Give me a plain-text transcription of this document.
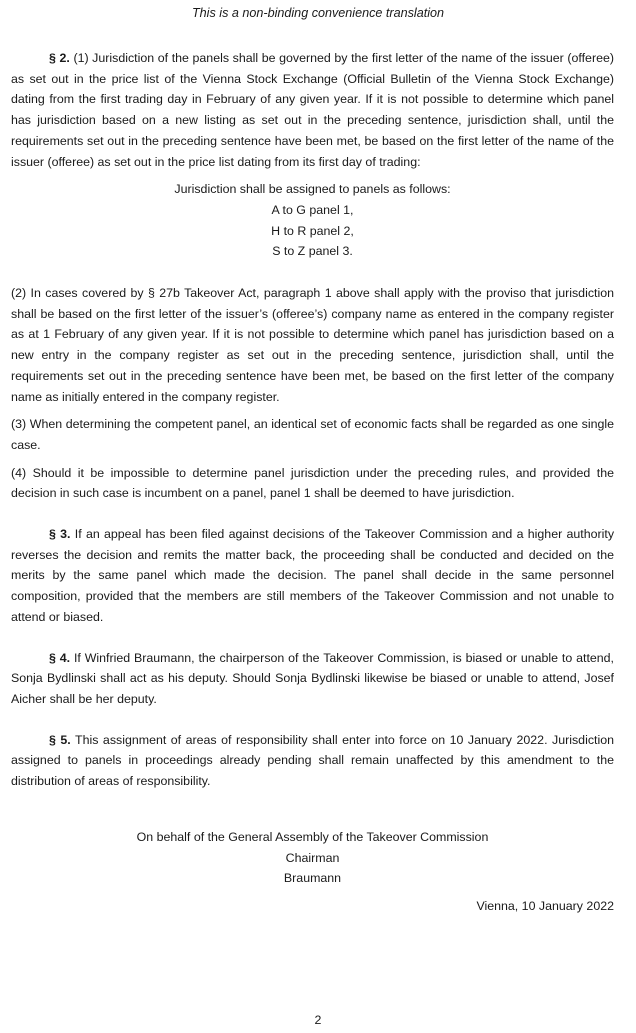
This is a non-binding convenience translation

§ 2. (1) Jurisdiction of the panels shall be governed by the first letter of the name of the issuer (offeree) as set out in the price list of the Vienna Stock Exchange (Official Bulletin of the Vienna Stock Exchange) dating from the first trading day in February of any given year. If it is not possible to determine which panel has jurisdiction based on a new listing as set out in the preceding sentence, jurisdiction shall, until the requirements set out in the preceding sentence have been met, be based on the first letter of the name of the issuer (offeree) as set out in the price list dating from its first day of trading:

Jurisdiction shall be assigned to panels as follows:

A to G panel 1,

H to R panel 2,

S to Z panel 3.

(2) In cases covered by § 27b Takeover Act, paragraph 1 above shall apply with the proviso that jurisdiction shall be based on the first letter of the issuer’s (offeree’s) company name as entered in the company register as at 1 February of any given year. If it is not possible to determine which panel has jurisdiction based on a new entry in the company register as set out in the preceding sentence, jurisdiction shall, until the requirements set out in the preceding sentence have been met, be based on the first letter of the company name as initially entered in the company register.

(3) When determining the competent panel, an identical set of economic facts shall be regarded as one single case.

(4) Should it be impossible to determine panel jurisdiction under the preceding rules, and provided the decision in such case is incumbent on a panel, panel 1 shall be deemed to have jurisdiction.

§ 3. If an appeal has been filed against decisions of the Takeover Commission and a higher authority reverses the decision and remits the matter back, the proceeding shall be conducted and decided on the merits by the same panel which made the decision. The panel shall decide in the same personnel composition, provided that the members are still members of the Takeover Commission and not unable to attend or biased.

§ 4. If Winfried Braumann, the chairperson of the Takeover Commission, is biased or unable to attend, Sonja Bydlinski shall act as his deputy. Should Sonja Bydlinski likewise be biased or unable to attend, Josef Aicher shall be her deputy.

§ 5. This assignment of areas of responsibility shall enter into force on 10 January 2022. Jurisdiction assigned to panels in proceedings already pending shall remain unaffected by this amendment to the distribution of areas of responsibility.

On behalf of the General Assembly of the Takeover Commission

Chairman

Braumann

Vienna, 10 January 2022

2
